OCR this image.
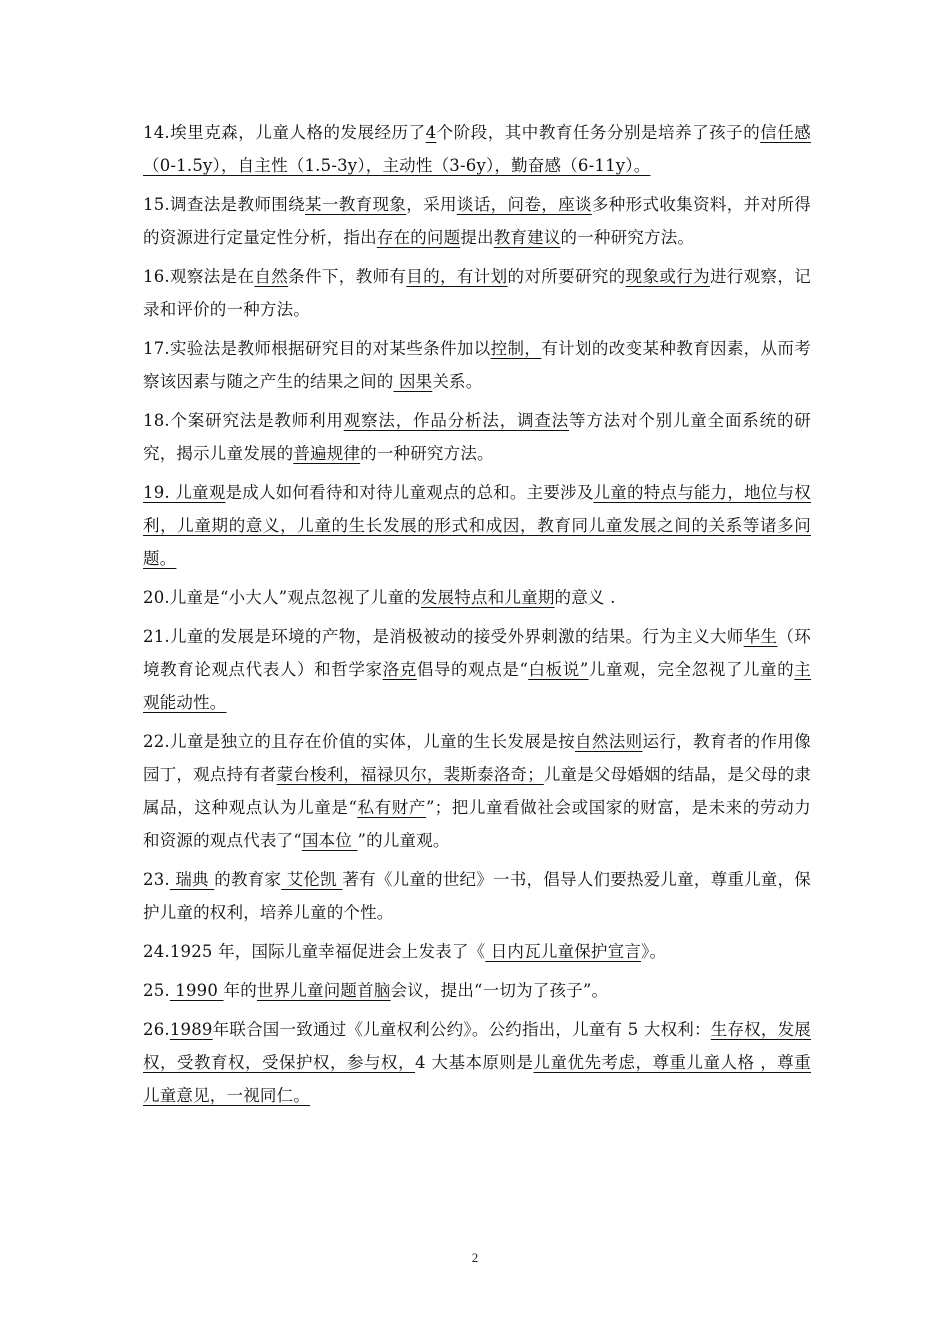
14.埃里克森，儿童人格的发展经历了4个阶段，其中教育任务分别是培养了孩子的信任感（0-1.5y），自主性（1.5-3y），主动性（3-6y），勤奋感（6-11y）。

15.调查法是教师围绕某一教育现象，采用谈话，问卷，座谈多种形式收集资料，并对所得的资源进行定量定性分析，指出存在的问题提出教育建议的一种研究方法。

16.观察法是在自然条件下，教师有目的，有计划的对所要研究的现象或行为进行观察，记录和评价的一种方法。

17.实验法是教师根据研究目的对某些条件加以控制，有计划的改变某种教育因素，从而考察该因素与随之产生的结果之间的 因果关系。

18.个案研究法是教师利用观察法，作品分析法，调查法等方法对个别儿童全面系统的研究，揭示儿童发展的普遍规律的一种研究方法。

19. 儿童观是成人如何看待和对待儿童观点的总和。主要涉及儿童的特点与能力，地位与权利，儿童期的意义，儿童的生长发展的形式和成因，教育同儿童发展之间的关系等诸多问题。

20.儿童是“小大人”观点忽视了儿童的发展特点和儿童期的意义 .

21.儿童的发展是环境的产物，是消极被动的接受外界刺激的结果。行为主义大师华生（环境教育论观点代表人）和哲学家洛克倡导的观点是“白板说”儿童观，完全忽视了儿童的主观能动性。

22.儿童是独立的且存在价值的实体，儿童的生长发展是按自然法则运行，教育者的作用像园丁，观点持有者蒙台梭利，福禄贝尔，裴斯泰洛奇；儿童是父母婚姻的结晶，是父母的隶属品，这种观点认为儿童是“私有财产”；把儿童看做社会或国家的财富，是未来的劳动力和资源的观点代表了“国本位 ”的儿童观。

23. 瑞典 的教育家 艾伦凯 著有《儿童的世纪》一书，倡导人们要热爱儿童，尊重儿童，保护儿童的权利，培养儿童的个性。

24.1925 年，国际儿童幸福促进会上发表了《 日内瓦儿童保护宣言》。

25. 1990 年的世界儿童问题首脑会议，提出“一切为了孩子”。

26.1989年联合国一致通过《儿童权利公约》。公约指出，儿童有 5 大权利：生存权，发展权，受教育权，受保护权，参与权，4 大基本原则是儿童优先考虑，尊重儿童人格 ，尊重儿童意见，一视同仁。

2
